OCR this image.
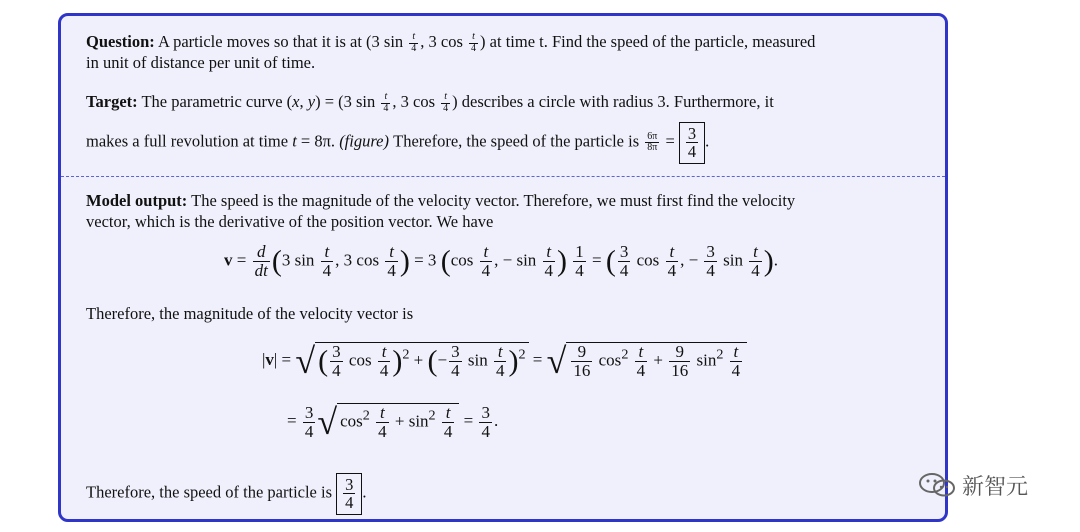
Question: A particle moves so that it is at (3 $\sin \frac{t}{4}$ , 3 $\cos \frac{t}{4}$ ) at time t. Find the speed of the particle, measured

in unit of distance per unit of time.

Target: The parametric curve (x, y) = (3 $\sin \frac{t}{4}$ , 3 $\cos \frac{t}{4}$ ) describes a circle with radius 3. Furthermore, it

makes a full revolution at time t = 8π. (figure) Therefore, the speed of the particle is $\frac{6\pi}{8\pi} = \frac{3}{4}$ .

Model output: The speed is the magnitude of the velocity vector. Therefore, we must first find the velocity

vector, which is the derivative of the position vector. We have

$v = \frac{d}{dt} (3$ $\sin \frac{t}{4}$ , 3 $\cos \frac{t}{4}$ ) = 3 ($\cos \frac{t}{4}$ , − $\sin \frac{t}{4}$ ) $\frac{1}{4}$ = ( $\frac{3}{4}$ $\cos \frac{t}{4}$ , − $\frac{3}{4}$ $\sin \frac{t}{4}$ ).

Therefore, the magnitude of the velocity vector is

|v| = √ ( $\frac{3}{4}$ $\cos \frac{t}{4} )^2$ + (− $\frac{3}{4}$ $\sin \frac{t}{4} )^2$ = √ $\frac{9}{16} \cos^2 \frac{t}{4} + \frac{9}{16} \sin^2 \frac{t}{4}$
= $\frac{3}{4}$ √ $\cos^2 \frac{t}{4} + \sin^2 \frac{t}{4} = \frac{3}{4}$ .

Therefore, the speed of the particle is $\frac{3}{4}$ .	新智元
